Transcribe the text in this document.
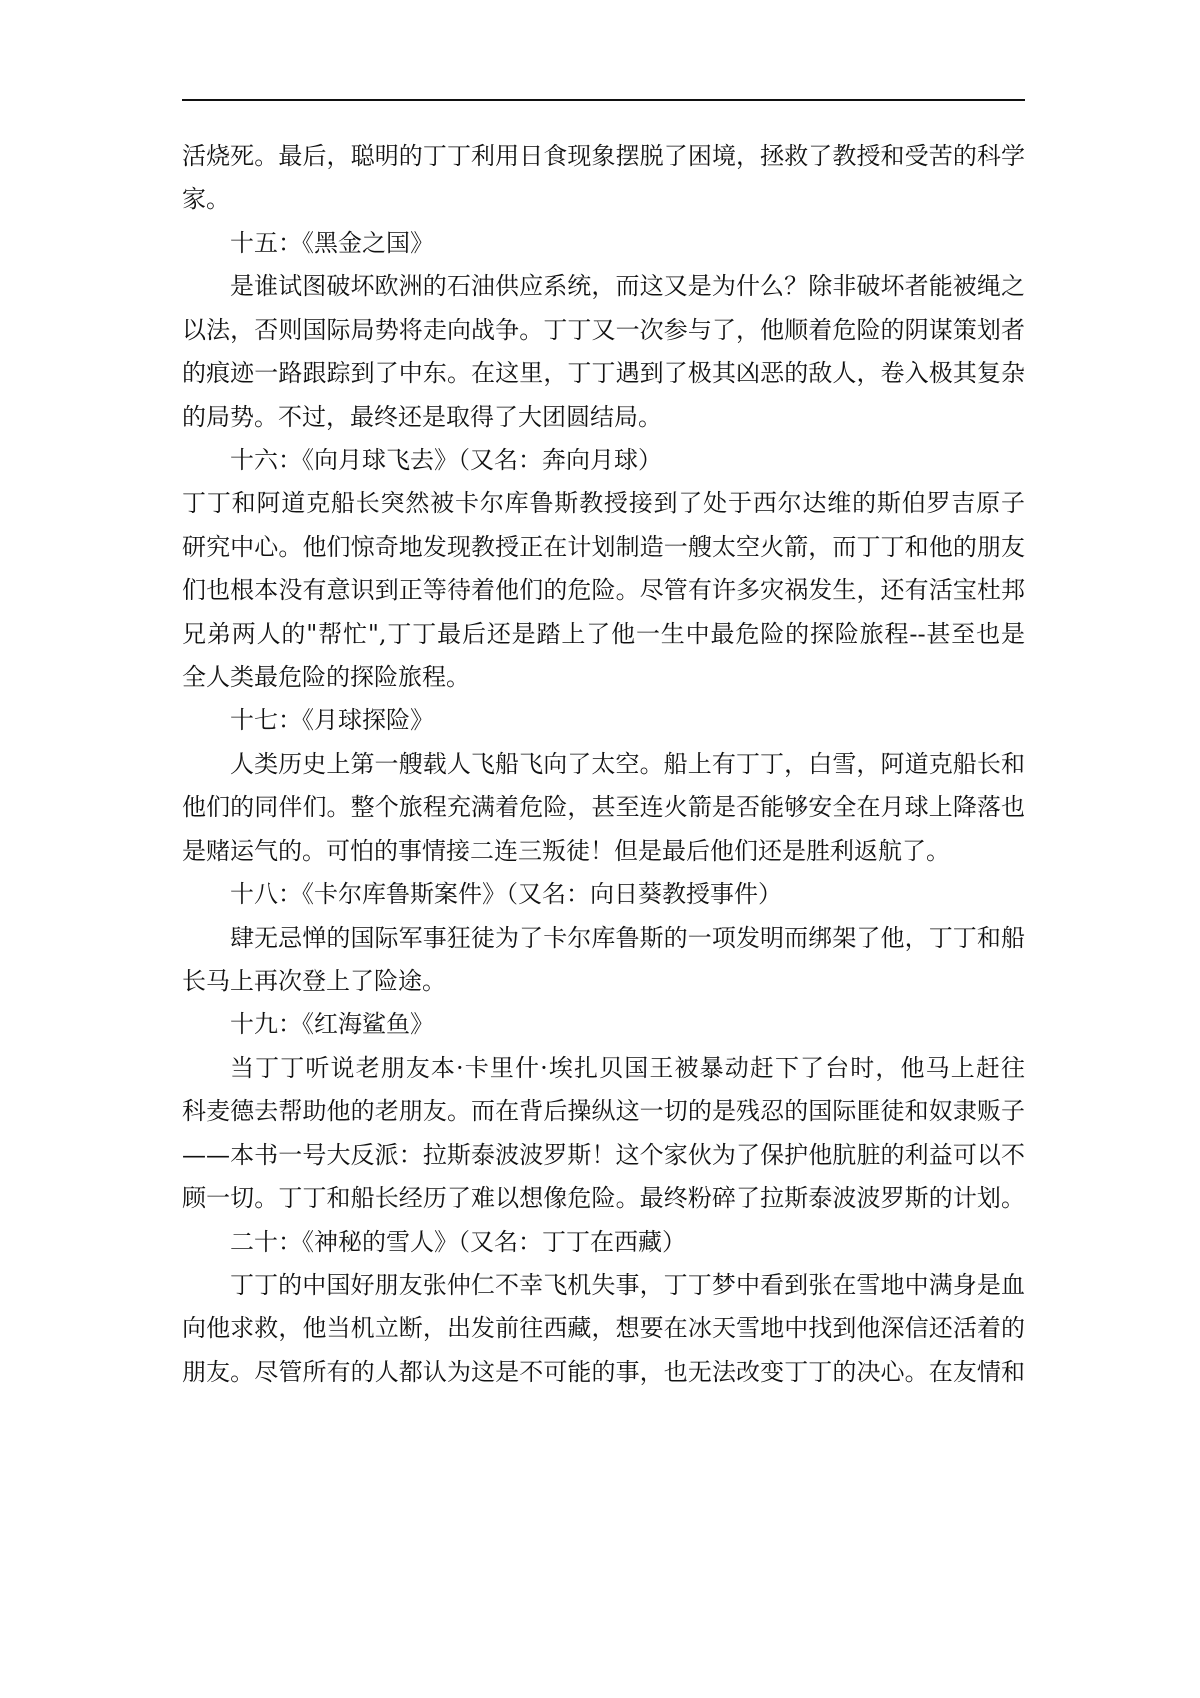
活烧死。最后，聪明的丁丁利用日食现象摆脱了困境，拯救了教授和受苦的科学
家。
十五：《黑金之国》
是谁试图破坏欧洲的石油供应系统，而这又是为什么？除非破坏者能被绳之
以法，否则国际局势将走向战争。丁丁又一次参与了，他顺着危险的阴谋策划者
的痕迹一路跟踪到了中东。在这里，丁丁遇到了极其凶恶的敌人，卷入极其复杂
的局势。不过，最终还是取得了大团圆结局。
十六：《向月球飞去》（又名：奔向月球）
丁丁和阿道克船长突然被卡尔库鲁斯教授接到了处于西尔达维的斯伯罗吉原子
研究中心。他们惊奇地发现教授正在计划制造一艘太空火箭，而丁丁和他的朋友
们也根本没有意识到正等待着他们的危险。尽管有许多灾祸发生，还有活宝杜邦
兄弟两人的"帮忙",丁丁最后还是踏上了他一生中最危险的探险旅程--甚至也是
全人类最危险的探险旅程。
十七：《月球探险》
人类历史上第一艘载人飞船飞向了太空。船上有丁丁，白雪，阿道克船长和
他们的同伴们。整个旅程充满着危险，甚至连火箭是否能够安全在月球上降落也
是赌运气的。可怕的事情接二连三叛徒！但是最后他们还是胜利返航了。
十八：《卡尔库鲁斯案件》（又名：向日葵教授事件）
肆无忌惮的国际军事狂徒为了卡尔库鲁斯的一项发明而绑架了他，丁丁和船
长马上再次登上了险途。
十九：《红海鲨鱼》
当丁丁听说老朋友本·卡里什·埃扎贝国王被暴动赶下了台时，他马上赶往
科麦德去帮助他的老朋友。而在背后操纵这一切的是残忍的国际匪徒和奴隶贩子
——本书一号大反派：拉斯泰波波罗斯！这个家伙为了保护他肮脏的利益可以不
顾一切。丁丁和船长经历了难以想像危险。最终粉碎了拉斯泰波波罗斯的计划。
二十：《神秘的雪人》（又名：丁丁在西藏）
丁丁的中国好朋友张仲仁不幸飞机失事，丁丁梦中看到张在雪地中满身是血
向他求救，他当机立断，出发前往西藏，想要在冰天雪地中找到他深信还活着的
朋友。尽管所有的人都认为这是不可能的事，也无法改变丁丁的决心。在友情和
